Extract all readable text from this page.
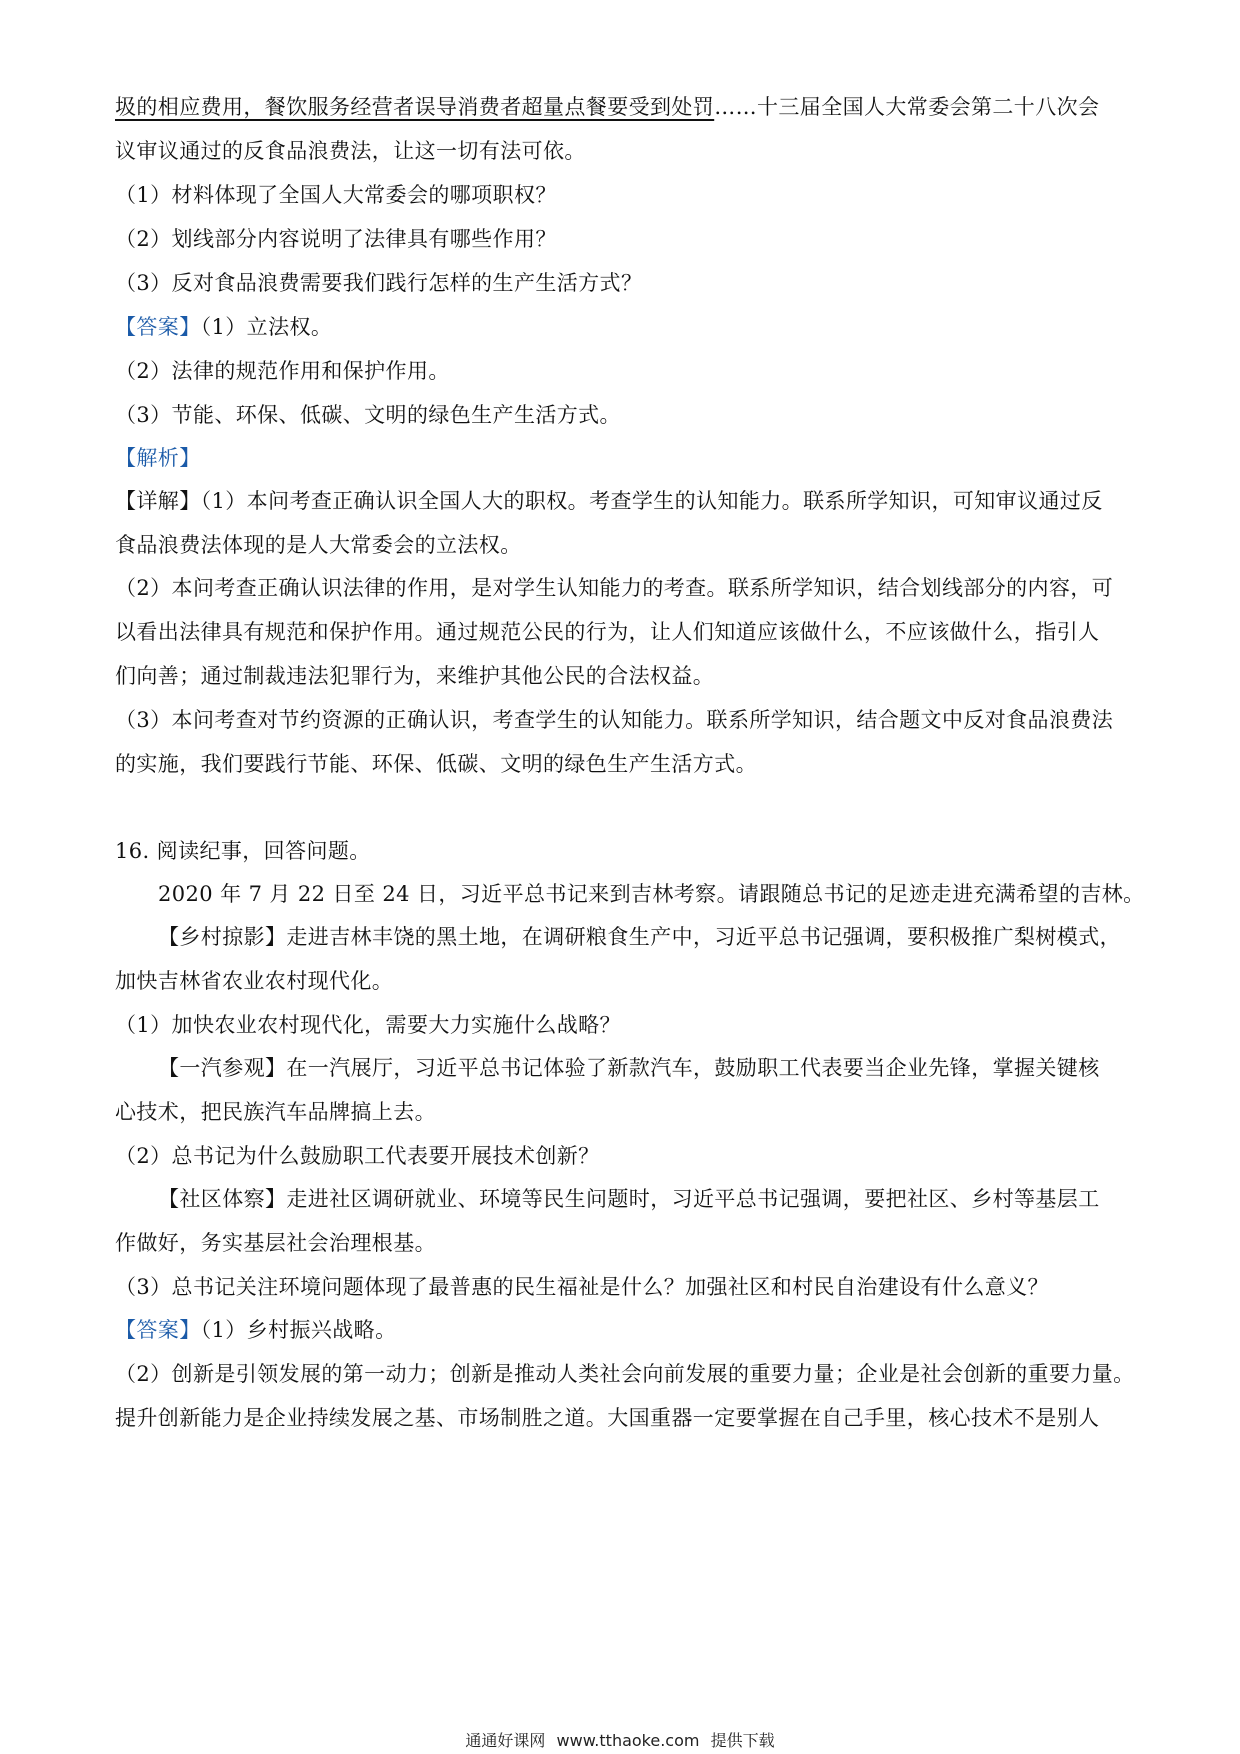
圾的相应费用，餐饮服务经营者误导消费者超量点餐要受到处罚……十三届全国人大常委会第二十八次会
议审议通过的反食品浪费法，让这一切有法可依。
（1）材料体现了全国人大常委会的哪项职权？
（2）划线部分内容说明了法律具有哪些作用？
（3）反对食品浪费需要我们践行怎样的生产生活方式？
【答案】（1）立法权。
（2）法律的规范作用和保护作用。
（3）节能、环保、低碳、文明的绿色生产生活方式。
【解析】
【详解】（1）本问考查正确认识全国人大的职权。考查学生的认知能力。联系所学知识，可知审议通过反
食品浪费法体现的是人大常委会的立法权。
（2）本问考查正确认识法律的作用，是对学生认知能力的考查。联系所学知识，结合划线部分的内容，可
以看出法律具有规范和保护作用。通过规范公民的行为，让人们知道应该做什么，不应该做什么，指引人
们向善；通过制裁违法犯罪行为，来维护其他公民的合法权益。
（3）本问考查对节约资源的正确认识，考查学生的认知能力。联系所学知识，结合题文中反对食品浪费法
的实施，我们要践行节能、环保、低碳、文明的绿色生产生活方式。
16. 阅读纪事，回答问题。
2020 年 7 月 22 日至 24 日，习近平总书记来到吉林考察。请跟随总书记的足迹走进充满希望的吉林。
【乡村掠影】走进吉林丰饶的黑土地，在调研粮食生产中，习近平总书记强调，要积极推广梨树模式，
加快吉林省农业农村现代化。
（1）加快农业农村现代化，需要大力实施什么战略？
【一汽参观】在一汽展厅，习近平总书记体验了新款汽车，鼓励职工代表要当企业先锋，掌握关键核
心技术，把民族汽车品牌搞上去。
（2）总书记为什么鼓励职工代表要开展技术创新？
【社区体察】走进社区调研就业、环境等民生问题时，习近平总书记强调，要把社区、乡村等基层工
作做好，务实基层社会治理根基。
（3）总书记关注环境问题体现了最普惠的民生福祉是什么？加强社区和村民自治建设有什么意义？
【答案】（1）乡村振兴战略。
（2）创新是引领发展的第一动力；创新是推动人类社会向前发展的重要力量；企业是社会创新的重要力量。
提升创新能力是企业持续发展之基、市场制胜之道。大国重器一定要掌握在自己手里，核心技术不是别人
通通好课网 www.tthaoke.com 提供下载
